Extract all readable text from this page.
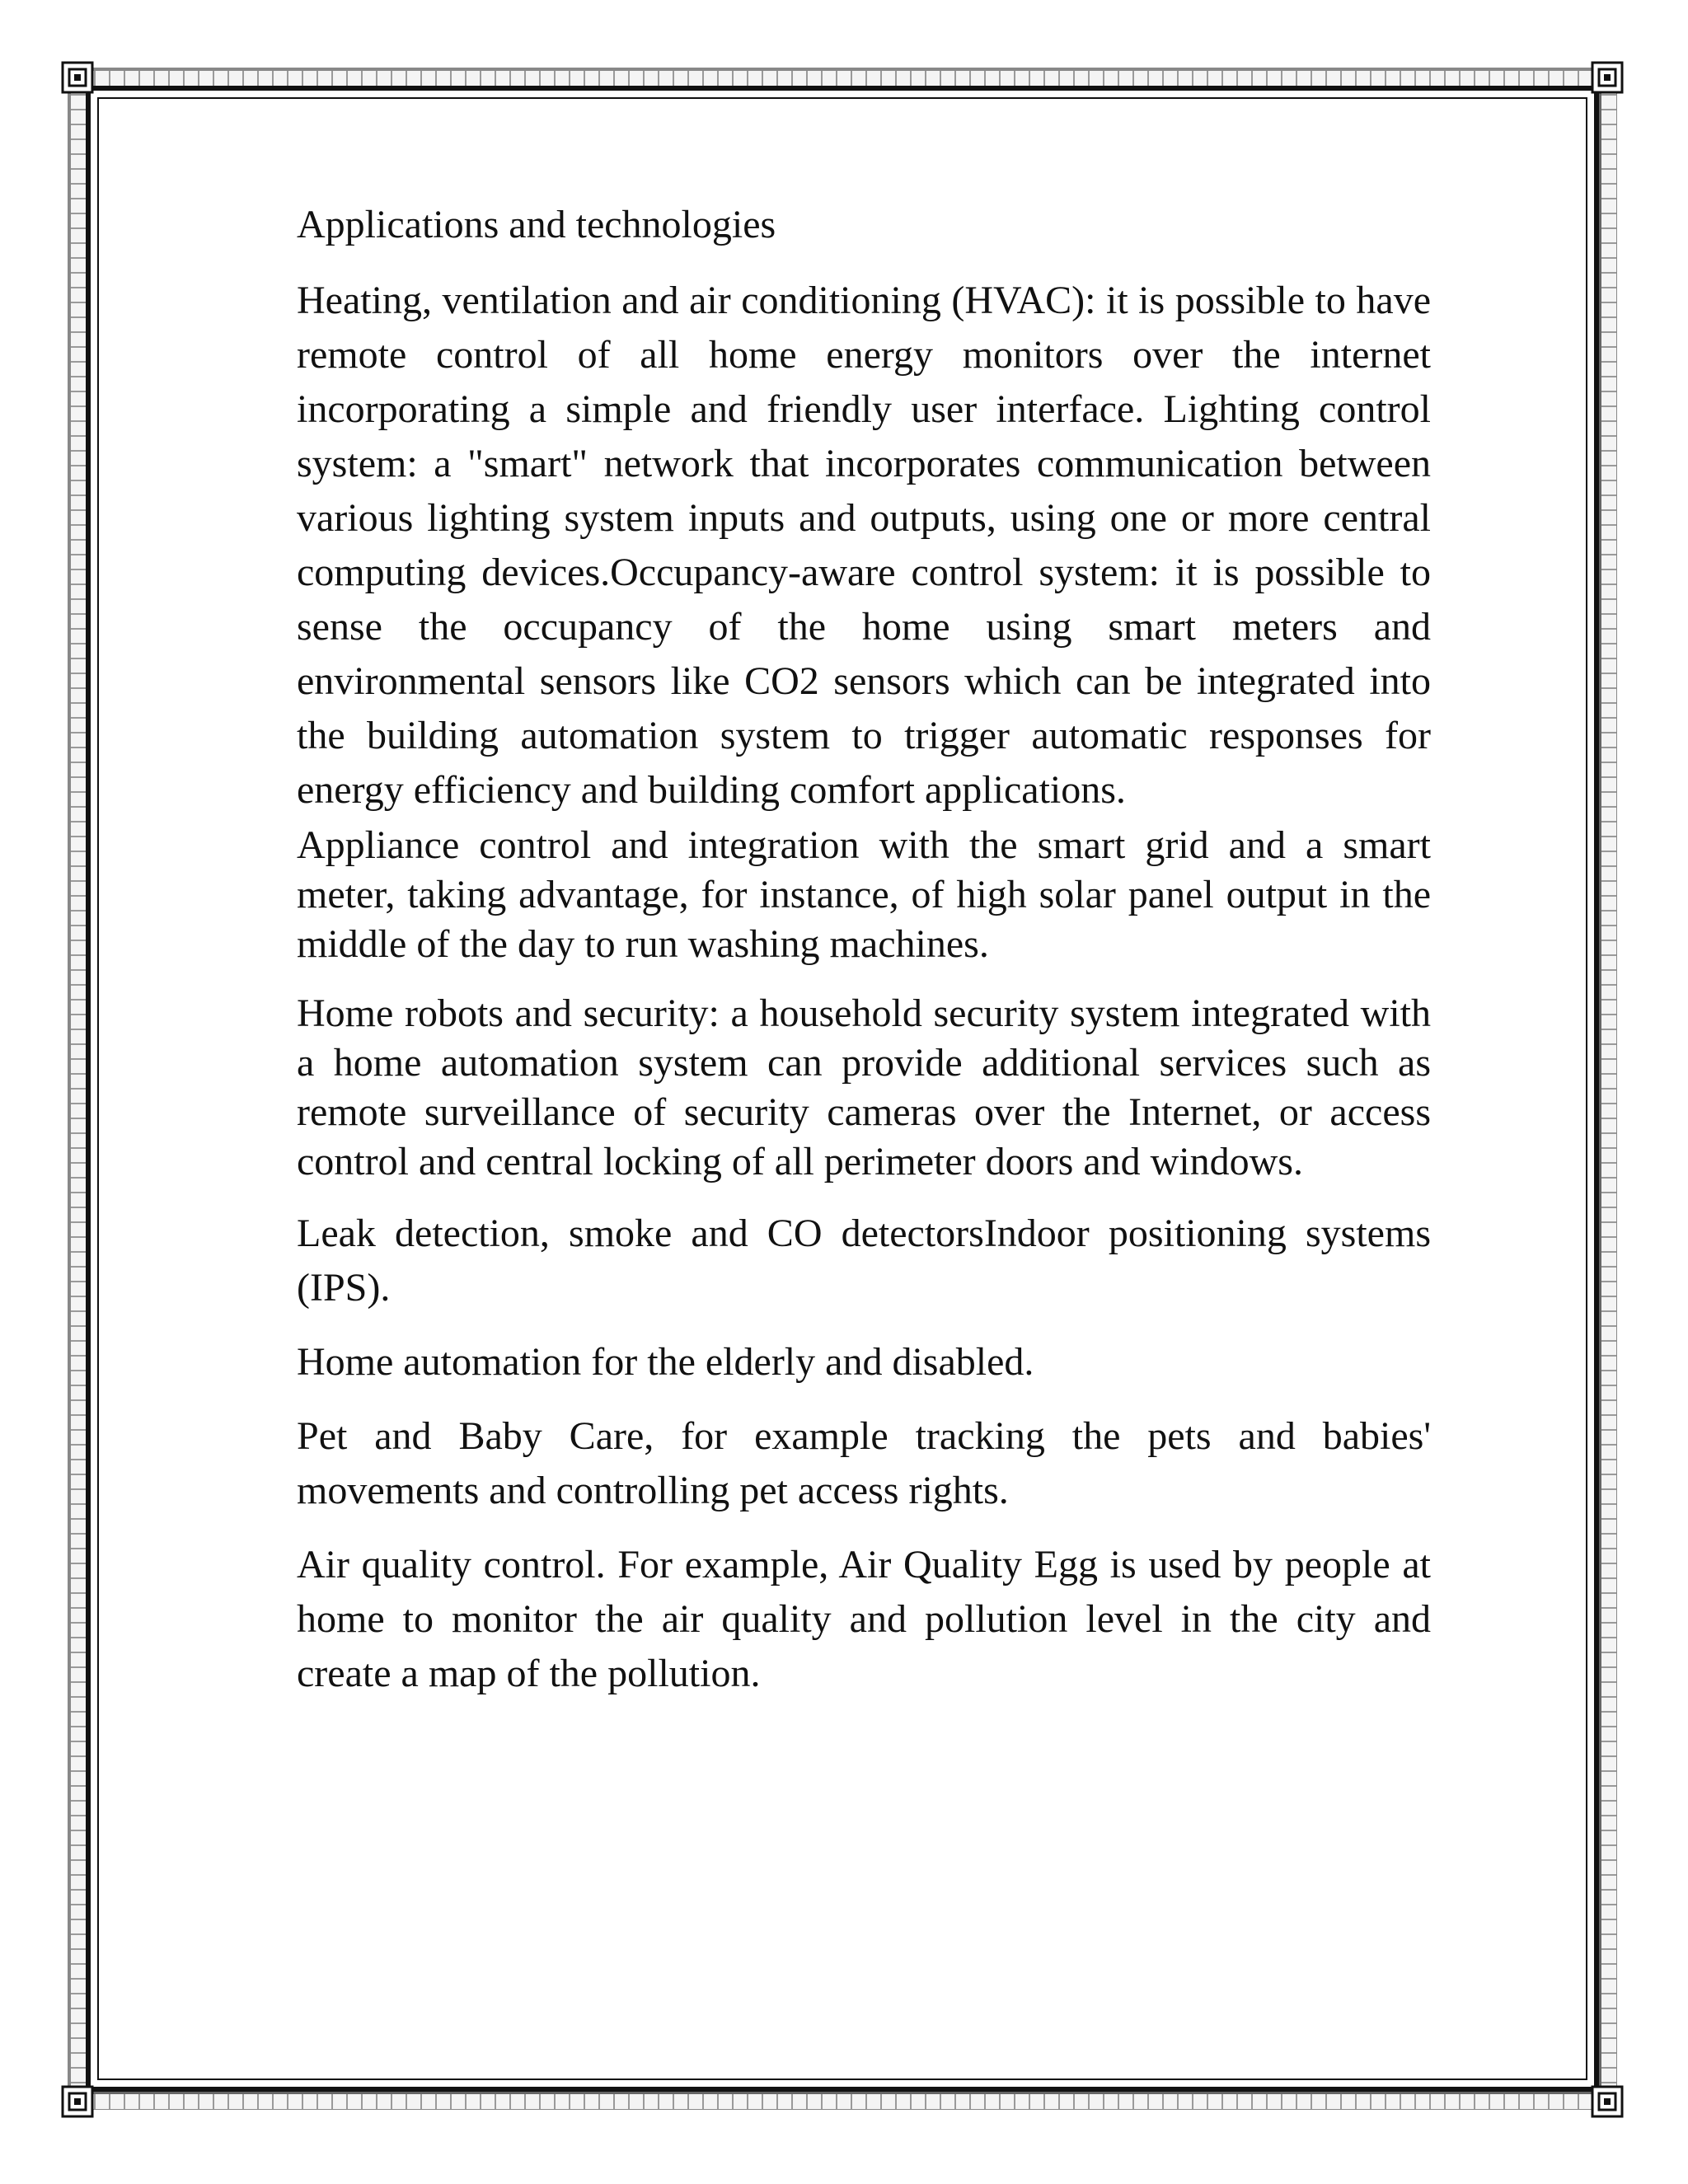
Applications and technologies

Heating, ventilation and air conditioning (HVAC): it is possible to have remote control of all home energy monitors over the internet incorporating a simple and friendly user interface. Lighting control system: a "smart" network that incorporates communication between various lighting system inputs and outputs, using one or more central computing devices.Occupancy-aware control system: it is possible to sense the occupancy of the home using smart meters and environmental sensors like CO2 sensors which can be integrated into the building automation system to trigger automatic responses for energy efficiency and building comfort applications.

Appliance control and integration with the smart grid and a smart meter, taking advantage, for instance, of high solar panel output in the middle of the day to run washing machines.

Home robots and security: a household security system integrated with a home automation system can provide additional services such as remote surveillance of security cameras over the Internet, or access control and central locking of all perimeter doors and windows.

Leak detection, smoke and CO detectorsIndoor positioning systems (IPS).

Home automation for the elderly and disabled.

Pet and Baby Care, for example tracking the pets and babies' movements and controlling pet access rights.

Air quality control. For example, Air Quality Egg is used by people at home to monitor the air quality and pollution level in the city and create a map of the pollution.
